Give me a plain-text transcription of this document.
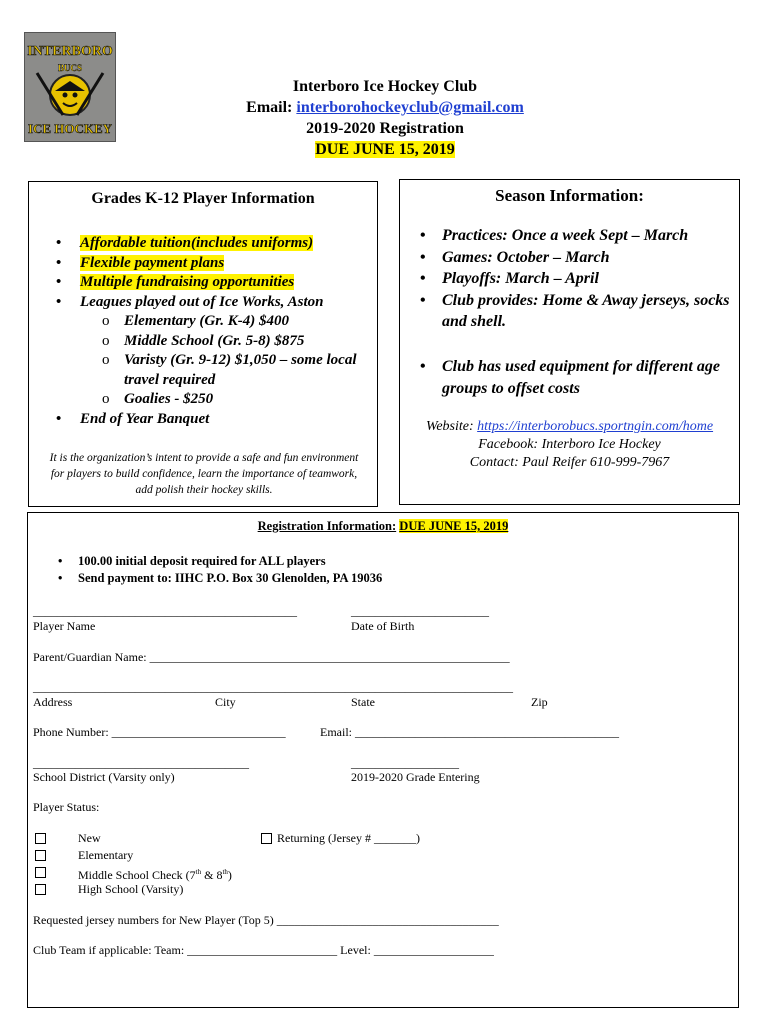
INTERBORO
BUCS
ICE HOCKEY
Interboro Ice Hockey Club
Email: interborohockeyclub@gmail.com
2019-2020 Registration
DUE JUNE 15, 2019
Grades K-12 Player Information
• Affordable tuition(includes uniforms)
• Flexible payment plans
• Multiple fundraising opportunities
• Leagues played out of Ice Works, Aston
o Elementary (Gr. K-4) $400
o Middle School (Gr. 5-8) $875
o Varisty (Gr. 9-12) $1,050 – some local travel required
o Goalies - $250
• End of Year Banquet
It is the organization’s intent to provide a safe and fun environment for players to build confidence, learn the importance of teamwork, add polish their hockey skills.
Season Information:
• Practices: Once a week Sept – March
• Games: October – March
• Playoffs: March – April
• Club provides: Home & Away jerseys, socks and shell.
• Club has used equipment for different age groups to offset costs
Website: https://interborobucs.sportngin.com/home
Facebook: Interboro Ice Hockey
Contact: Paul Reifer 610-999-7967
Registration Information: DUE JUNE 15, 2019
• 100.00 initial deposit required for ALL players
• Send payment to: IIHC P.O. Box 30 Glenolden, PA 19036
____________________________________________	_______________________
Player Name	Date of Birth
Parent/Guardian Name: ____________________________________________________________
________________________________________________________________________________
Address	City	State	Zip
Phone Number: _____________________________	Email: ____________________________________________
____________________________________	__________________
School District (Varsity only)	2019-2020 Grade Entering
Player Status:
New
Elementary
Middle School Check (7th & 8th)
High School (Varsity)
Returning (Jersey # _______)
Requested jersey numbers for New Player (Top 5) _____________________________________
Club Team if applicable: Team: _________________________ Level: ____________________
